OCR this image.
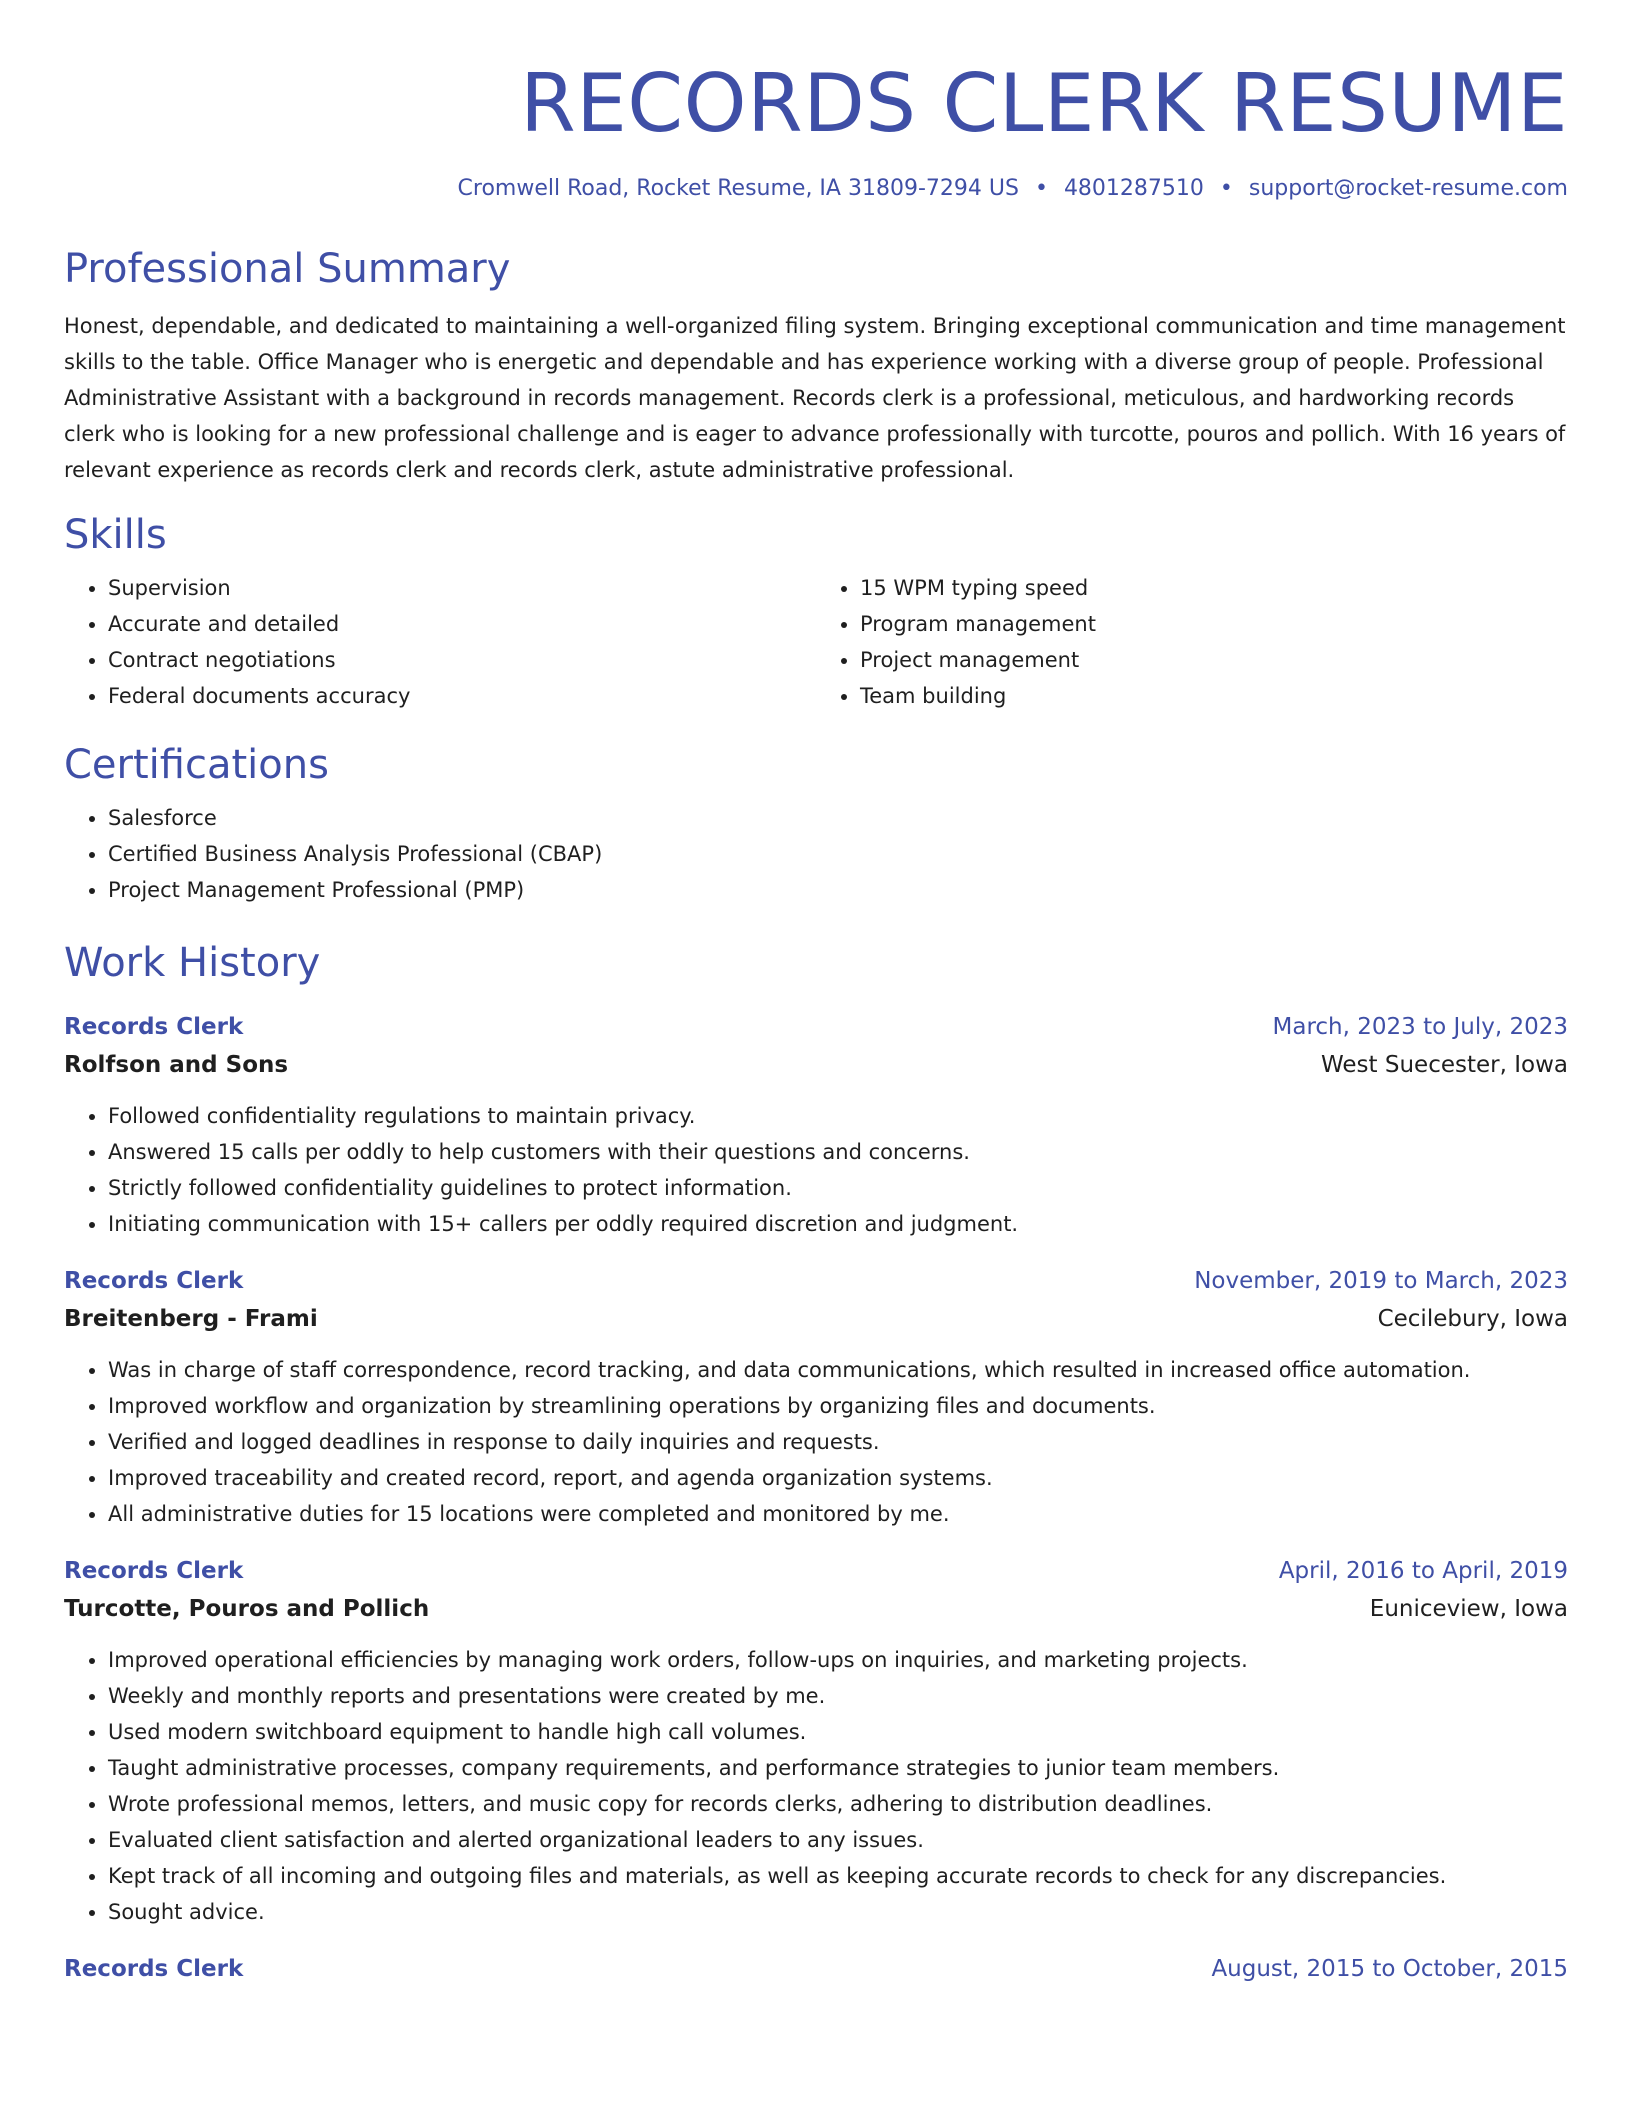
RECORDS CLERK RESUME
Cromwell Road, Rocket Resume, IA 31809-7294 US • 4801287510 • support@rocket-resume.com
Professional Summary

Honest, dependable, and dedicated to maintaining a well-organized filing system. Bringing exceptional communication and time management skills to the table. Office Manager who is energetic and dependable and has experience working with a diverse group of people. Professional Administrative Assistant with a background in records management. Records clerk is a professional, meticulous, and hardworking records clerk who is looking for a new professional challenge and is eager to advance professionally with turcotte, pouros and pollich. With 16 years of relevant experience as records clerk and records clerk, astute administrative professional.

Skills
• Supervision
• Accurate and detailed
• Contract negotiations
• Federal documents accuracy
• 15 WPM typing speed
• Program management
• Project management
• Team building
Certifications
• Salesforce
• Certified Business Analysis Professional (CBAP)
• Project Management Professional (PMP)
Work History
Records Clerk	March, 2023 to July, 2023
Rolfson and Sons	West Suecester, Iowa
• Followed confidentiality regulations to maintain privacy.
• Answered 15 calls per oddly to help customers with their questions and concerns.
• Strictly followed confidentiality guidelines to protect information.
• Initiating communication with 15+ callers per oddly required discretion and judgment.
Records Clerk	November, 2019 to March, 2023
Breitenberg - Frami	Cecilebury, Iowa
• Was in charge of staff correspondence, record tracking, and data communications, which resulted in increased office automation.
• Improved workflow and organization by streamlining operations by organizing files and documents.
• Verified and logged deadlines in response to daily inquiries and requests.
• Improved traceability and created record, report, and agenda organization systems.
• All administrative duties for 15 locations were completed and monitored by me.
Records Clerk	April, 2016 to April, 2019
Turcotte, Pouros and Pollich	Euniceview, Iowa
• Improved operational efficiencies by managing work orders, follow-ups on inquiries, and marketing projects.
• Weekly and monthly reports and presentations were created by me.
• Used modern switchboard equipment to handle high call volumes.
• Taught administrative processes, company requirements, and performance strategies to junior team members.
• Wrote professional memos, letters, and music copy for records clerks, adhering to distribution deadlines.
• Evaluated client satisfaction and alerted organizational leaders to any issues.
• Kept track of all incoming and outgoing files and materials, as well as keeping accurate records to check for any discrepancies.
• Sought advice.
Records Clerk	August, 2015 to October, 2015
